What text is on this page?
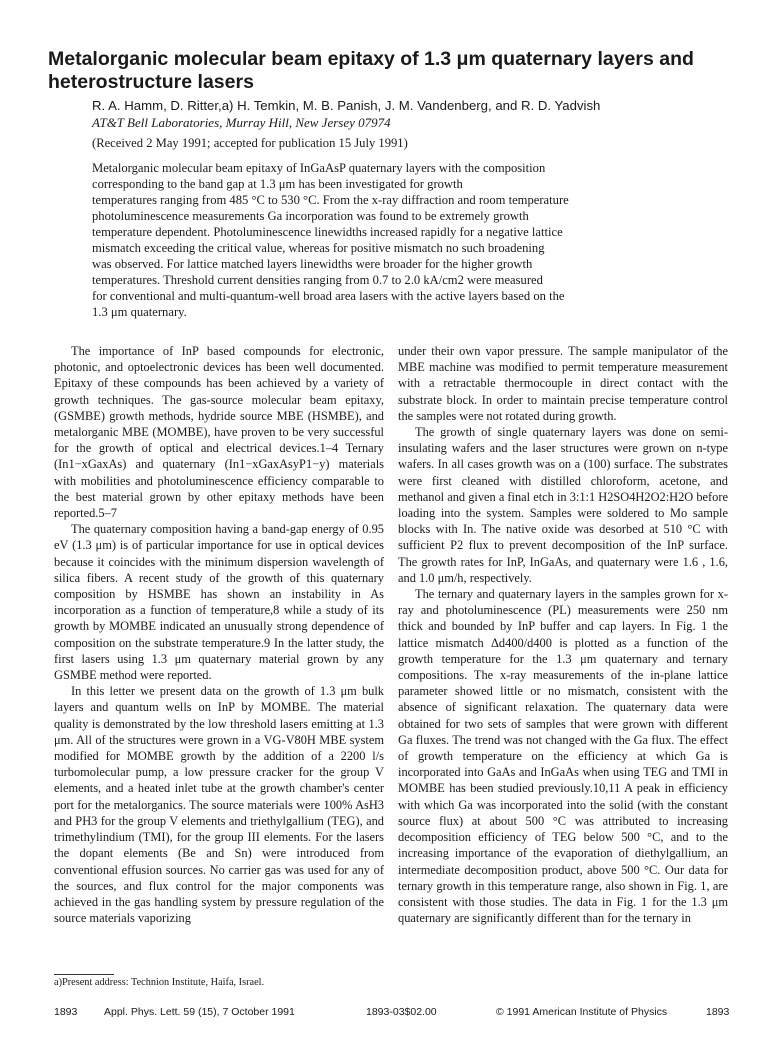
Metalorganic molecular beam epitaxy of 1.3 μm quaternary layers and heterostructure lasers

R. A. Hamm, D. Ritter,a) H. Temkin, M. B. Panish, J. M. Vandenberg, and R. D. Yadvish

AT&T Bell Laboratories, Murray Hill, New Jersey 07974

(Received 2 May 1991; accepted for publication 15 July 1991)

Metalorganic molecular beam epitaxy of InGaAsP quaternary layers with the composition
corresponding to the band gap at 1.3 μm has been investigated for growth
temperatures ranging from 485 °C to 530 °C. From the x-ray diffraction and room temperature
photoluminescence measurements Ga incorporation was found to be extremely growth
temperature dependent. Photoluminescence linewidths increased rapidly for a negative lattice
mismatch exceeding the critical value, whereas for positive mismatch no such broadening
was observed. For lattice matched layers linewidths were broader for the higher growth
temperatures. Threshold current densities ranging from 0.7 to 2.0 kA/cm2 were measured
for conventional and multi-quantum-well broad area lasers with the active layers based on the
1.3 μm quaternary.

The importance of InP based compounds for electronic, photonic, and optoelectronic devices has been well documented. Epitaxy of these compounds has been achieved by a variety of growth techniques. The gas-source molecular beam epitaxy, (GSMBE) growth methods, hydride source MBE (HSMBE), and metalorganic MBE (MOMBE), have proven to be very successful for the growth of optical and electrical devices.1–4 Ternary (In1−xGaxAs) and quaternary (In1−xGaxAsyP1−y) materials with mobilities and photoluminescence efficiency comparable to the best material grown by other epitaxy methods have been reported.5–7

The quaternary composition having a band-gap energy of 0.95 eV (1.3 μm) is of particular importance for use in optical devices because it coincides with the minimum dispersion wavelength of silica fibers. A recent study of the growth of this quaternary composition by HSMBE has shown an instability in As incorporation as a function of temperature,8 while a study of its growth by MOMBE indicated an unusually strong dependence of composition on the substrate temperature.9 In the latter study, the first lasers using 1.3 μm quaternary material grown by any GSMBE method were reported.

In this letter we present data on the growth of 1.3 μm bulk layers and quantum wells on InP by MOMBE. The material quality is demonstrated by the low threshold lasers emitting at 1.3 μm. All of the structures were grown in a VG-V80H MBE system modified for MOMBE growth by the addition of a 2200 l/s turbomolecular pump, a low pressure cracker for the group V elements, and a heated inlet tube at the growth chamber's center port for the metalorganics. The source materials were 100% AsH3 and PH3 for the group V elements and triethylgallium (TEG), and trimethylindium (TMI), for the group III elements. For the lasers the dopant elements (Be and Sn) were introduced from conventional effusion sources. No carrier gas was used for any of the sources, and flux control for the major components was achieved in the gas handling system by pressure regulation of the source materials vaporizing

under their own vapor pressure. The sample manipulator of the MBE machine was modified to permit temperature measurement with a retractable thermocouple in direct contact with the substrate block. In order to maintain precise temperature control the samples were not rotated during growth.

The growth of single quaternary layers was done on semi-insulating wafers and the laser structures were grown on n-type wafers. In all cases growth was on a (100) surface. The substrates were first cleaned with distilled chloroform, acetone, and methanol and given a final etch in 3:1:1 H2SO4H2O2:H2O before loading into the system. Samples were soldered to Mo sample blocks with In. The native oxide was desorbed at 510 °C with sufficient P2 flux to prevent decomposition of the InP surface. The growth rates for InP, InGaAs, and quaternary were 1.6 , 1.6, and 1.0 μm/h, respectively.

The ternary and quaternary layers in the samples grown for x-ray and photoluminescence (PL) measurements were 250 nm thick and bounded by InP buffer and cap layers. In Fig. 1 the lattice mismatch Δd400/d400 is plotted as a function of the growth temperature for the 1.3 μm quaternary and ternary compositions. The x-ray measurements of the in-plane lattice parameter showed little or no mismatch, consistent with the absence of significant relaxation. The quaternary data were obtained for two sets of samples that were grown with different Ga fluxes. The trend was not changed with the Ga flux. The effect of growth temperature on the efficiency at which Ga is incorporated into GaAs and InGaAs when using TEG and TMI in MOMBE has been studied previously.10,11 A peak in efficiency with which Ga was incorporated into the solid (with the constant source flux) at about 500 °C was attributed to increasing decomposition efficiency of TEG below 500 °C, and to the increasing importance of the evaporation of diethylgallium, an intermediate decomposition product, above 500 °C. Our data for ternary growth in this temperature range, also shown in Fig. 1, are consistent with those studies. The data in Fig. 1 for the 1.3 μm quaternary are significantly different than for the ternary in

a)Present address: Technion Institute, Haifa, Israel.
1893	Appl. Phys. Lett. 59 (15), 7 October 1991	1893-03$02.00	© 1991 American Institute of Physics	1893
